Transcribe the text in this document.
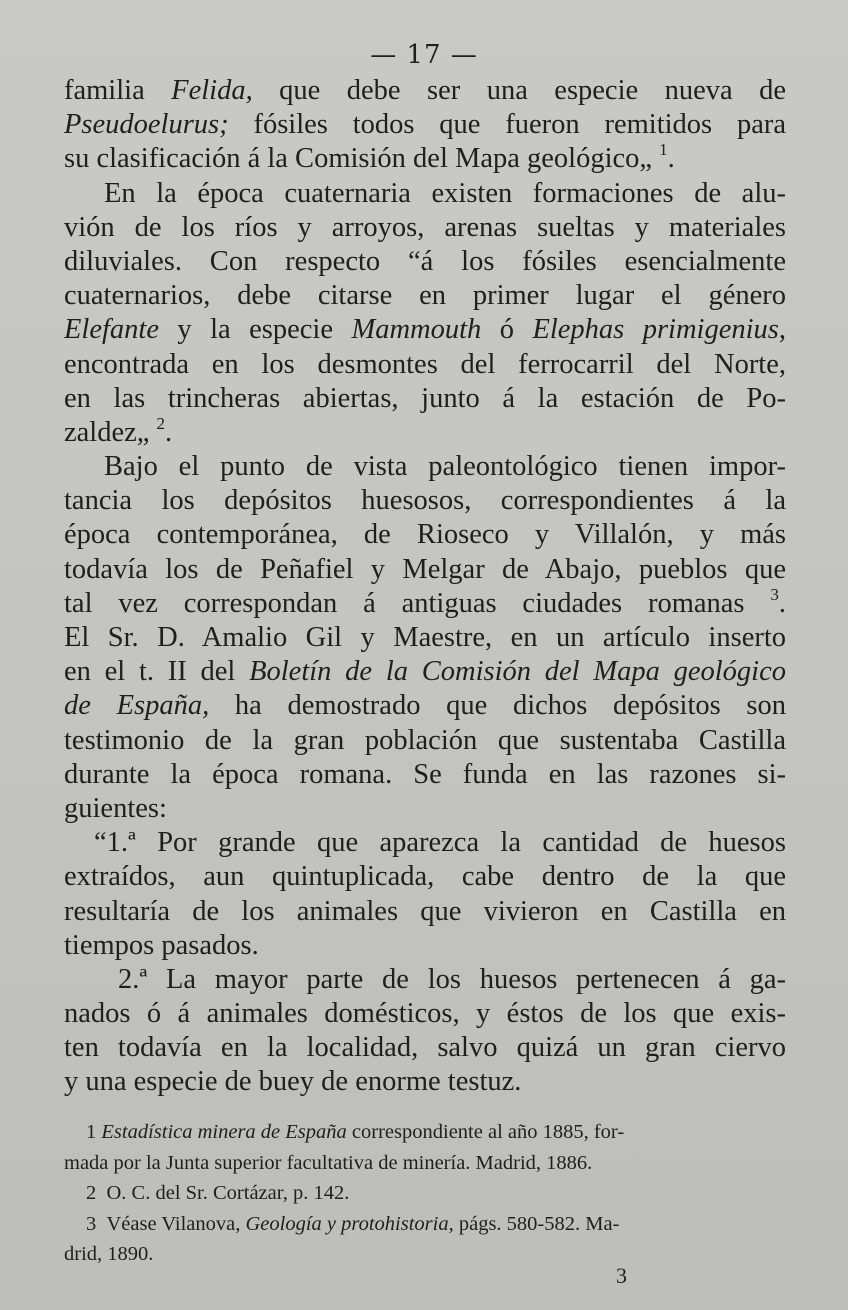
— 17 —
familia Felida, que debe ser una especie nueva de
Pseudoelurus; fósiles todos que fueron remitidos para
su clasificación á la Comisión del Mapa geológico„ $^1$.
En la época cuaternaria existen formaciones de alu-
vión de los ríos y arroyos, arenas sueltas y materiales
diluviales. Con respecto “á los fósiles esencialmente
cuaternarios, debe citarse en primer lugar el género
Elefante y la especie Mammouth ó Elephas primigenius,
encontrada en los desmontes del ferrocarril del Norte,
en las trincheras abiertas, junto á la estación de Po-
zaldez„ $^2$.
Bajo el punto de vista paleontológico tienen impor-
tancia los depósitos huesosos, correspondientes á la
época contemporánea, de Rioseco y Villalón, y más
todavía los de Peñafiel y Melgar de Abajo, pueblos que
tal vez correspondan á antiguas ciudades romanas $^3$.
El Sr. D. Amalio Gil y Maestre, en un artículo inserto
en el t. II del Boletín de la Comisión del Mapa geológico
de España, ha demostrado que dichos depósitos son
testimonio de la gran población que sustentaba Castilla
durante la época romana. Se funda en las razones si-
guientes:
“1.ª Por grande que aparezca la cantidad de huesos
extraídos, aun quintuplicada, cabe dentro de la que
resultaría de los animales que vivieron en Castilla en
tiempos pasados.
2.ª La mayor parte de los huesos pertenecen á ga-
nados ó á animales domésticos, y éstos de los que exis-
ten todavía en la localidad, salvo quizá un gran ciervo
y una especie de buey de enorme testuz.
1 Estadística minera de España correspondiente al año 1885, for-
mada por la Junta superior facultativa de minería. Madrid, 1886.
2 O. C. del Sr. Cortázar, p. 142.
3 Véase Vilanova, Geología y protohistoria, págs. 580-582. Ma-
drid, 1890.
3
